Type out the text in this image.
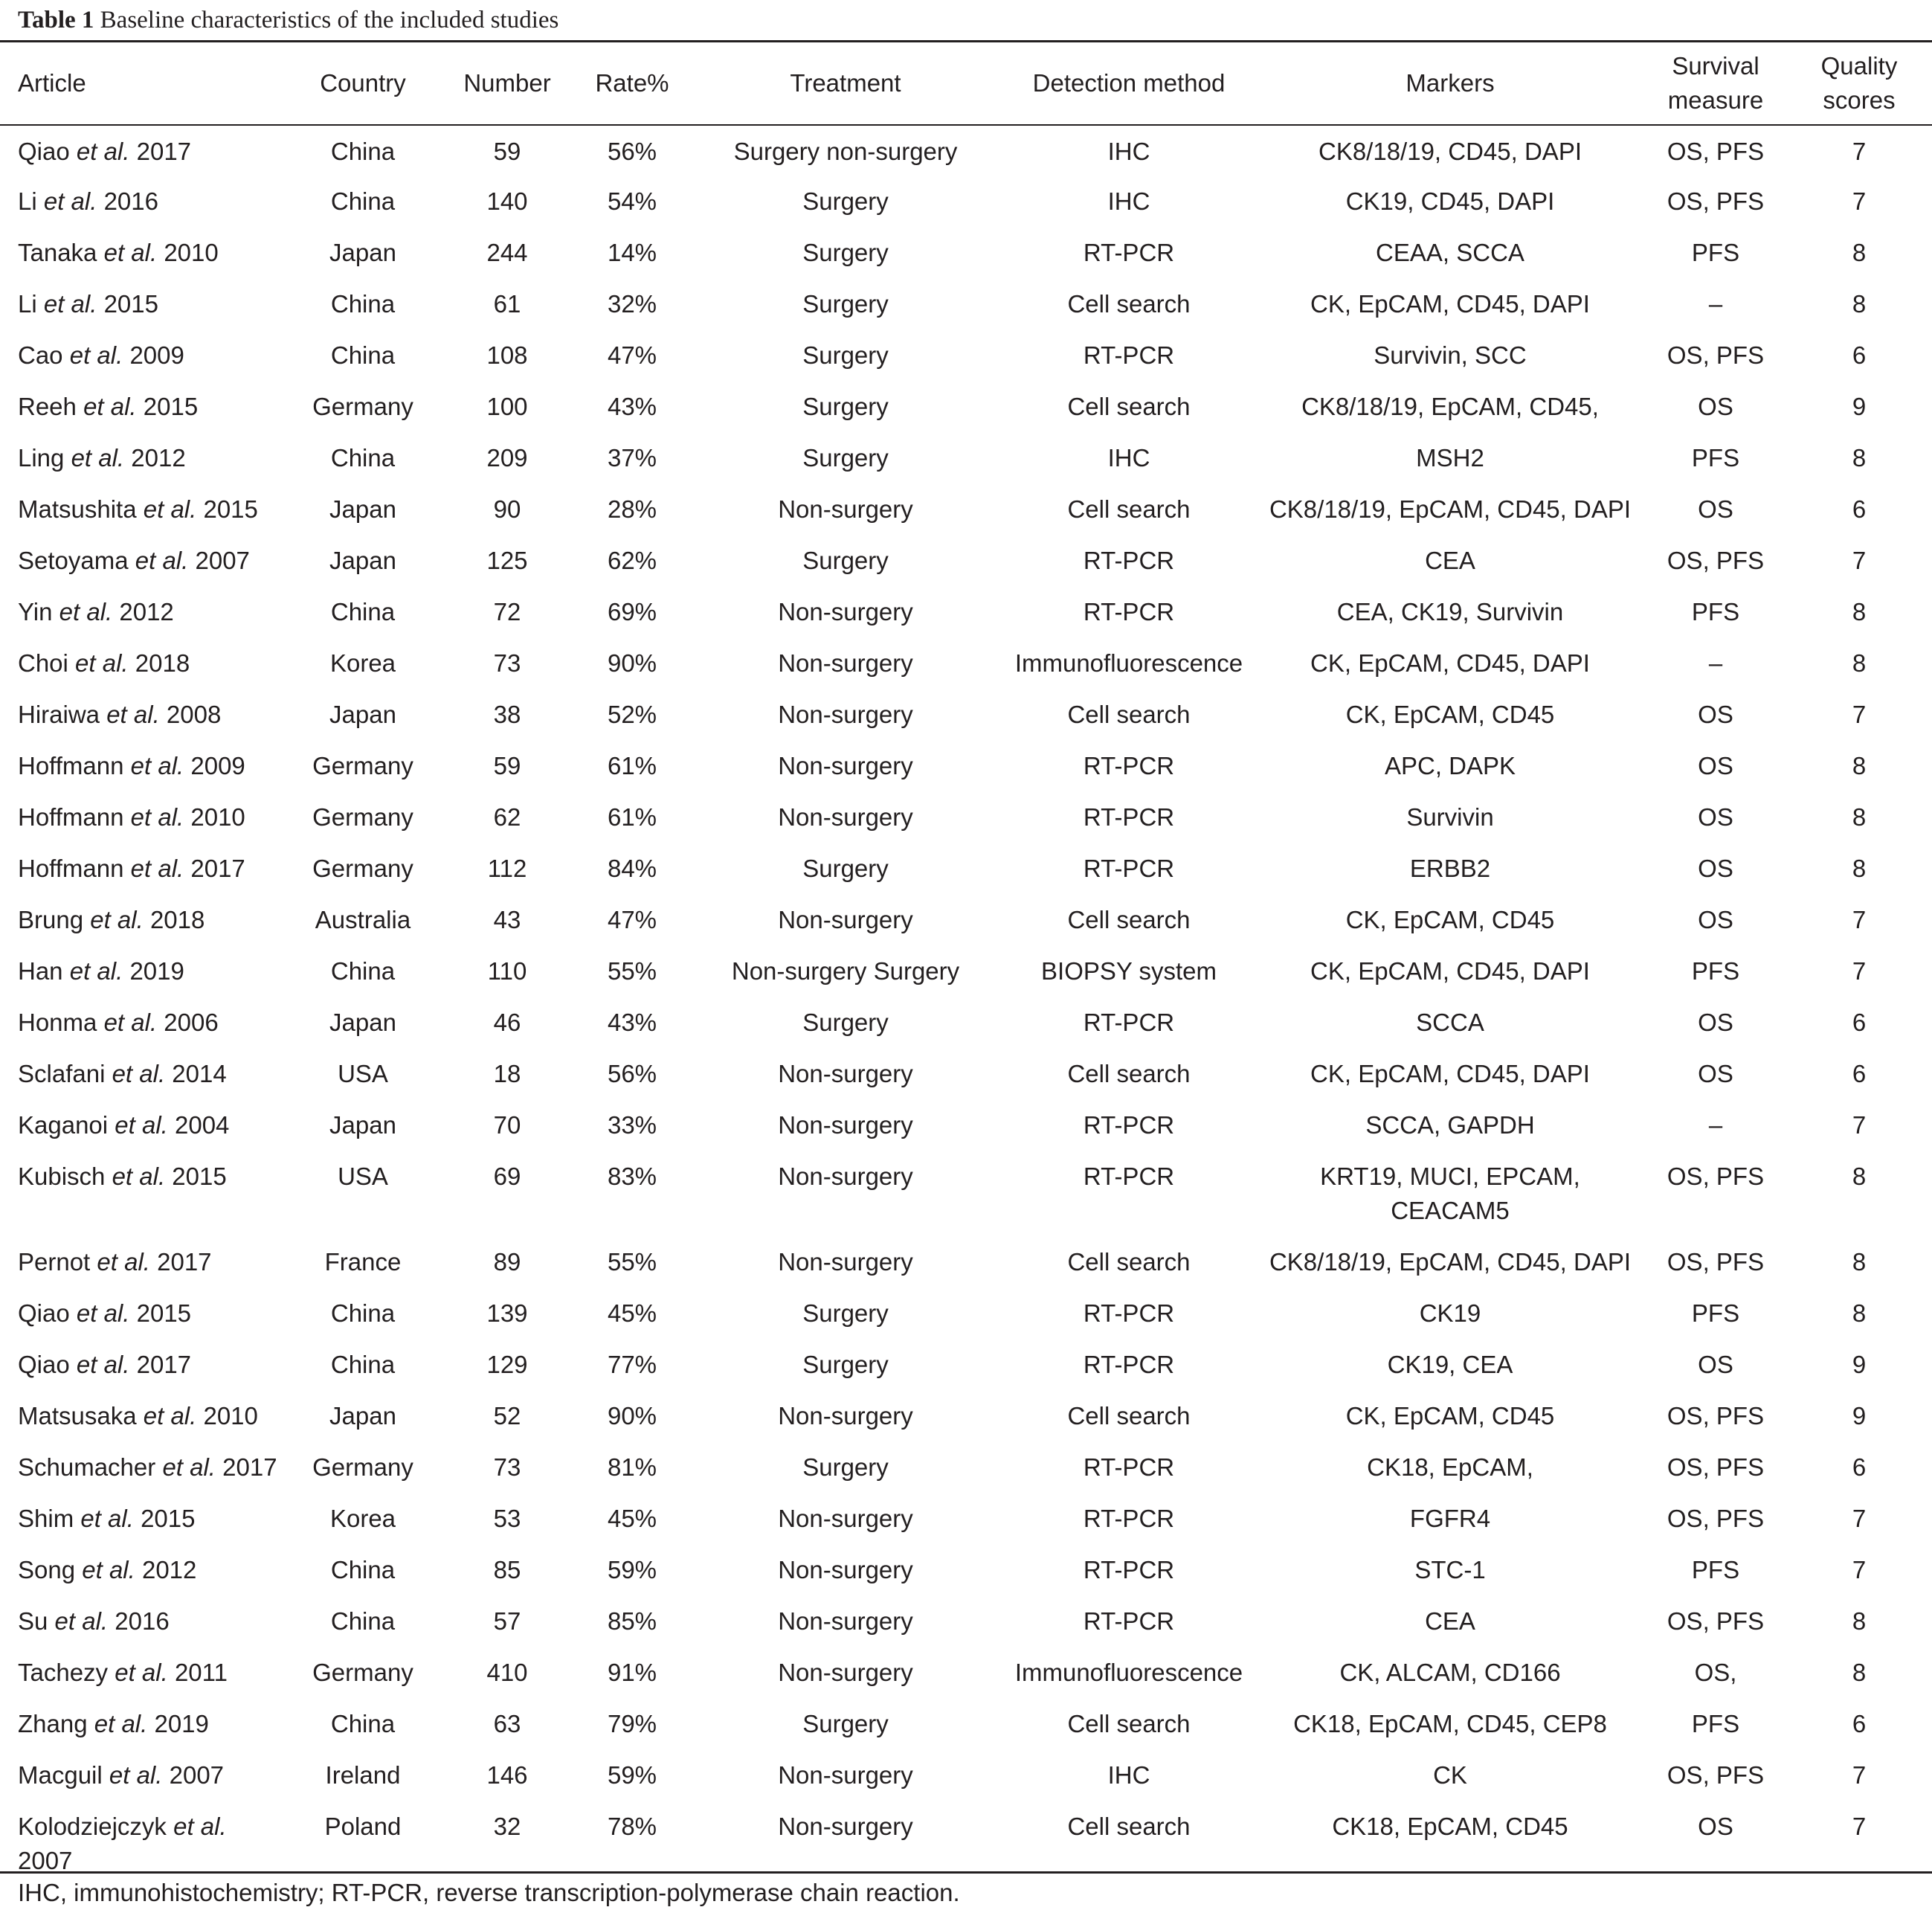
Table 1 Baseline characteristics of the included studies
Article	Country	Number	Rate%	Treatment	Detection method	Markers	Survival measure	Quality scores
Qiao et al. 2017	China	59	56%	Surgery non-surgery	IHC	CK8/18/19, CD45, DAPI	OS, PFS	7
Li et al. 2016	China	140	54%	Surgery	IHC	CK19, CD45, DAPI	OS, PFS	7
Tanaka et al. 2010	Japan	244	14%	Surgery	RT-PCR	CEAA, SCCA	PFS	8
Li et al. 2015	China	61	32%	Surgery	Cell search	CK, EpCAM, CD45, DAPI	–	8
Cao et al. 2009	China	108	47%	Surgery	RT-PCR	Survivin, SCC	OS, PFS	6
Reeh et al. 2015	Germany	100	43%	Surgery	Cell search	CK8/18/19, EpCAM, CD45,	OS	9
Ling et al. 2012	China	209	37%	Surgery	IHC	MSH2	PFS	8
Matsushita et al. 2015	Japan	90	28%	Non-surgery	Cell search	CK8/18/19, EpCAM, CD45, DAPI	OS	6
Setoyama et al. 2007	Japan	125	62%	Surgery	RT-PCR	CEA	OS, PFS	7
Yin et al. 2012	China	72	69%	Non-surgery	RT-PCR	CEA, CK19, Survivin	PFS	8
Choi et al. 2018	Korea	73	90%	Non-surgery	Immunofluorescence	CK, EpCAM, CD45, DAPI	–	8
Hiraiwa et al. 2008	Japan	38	52%	Non-surgery	Cell search	CK, EpCAM, CD45	OS	7
Hoffmann et al. 2009	Germany	59	61%	Non-surgery	RT-PCR	APC, DAPK	OS	8
Hoffmann et al. 2010	Germany	62	61%	Non-surgery	RT-PCR	Survivin	OS	8
Hoffmann et al. 2017	Germany	112	84%	Surgery	RT-PCR	ERBB2	OS	8
Brung et al. 2018	Australia	43	47%	Non-surgery	Cell search	CK, EpCAM, CD45	OS	7
Han et al. 2019	China	110	55%	Non-surgery Surgery	BIOPSY system	CK, EpCAM, CD45, DAPI	PFS	7
Honma et al. 2006	Japan	46	43%	Surgery	RT-PCR	SCCA	OS	6
Sclafani et al. 2014	USA	18	56%	Non-surgery	Cell search	CK, EpCAM, CD45, DAPI	OS	6
Kaganoi et al. 2004	Japan	70	33%	Non-surgery	RT-PCR	SCCA, GAPDH	–	7
Kubisch et al. 2015	USA	69	83%	Non-surgery	RT-PCR	KRT19, MUCI, EPCAM, CEACAM5	OS, PFS	8
Pernot et al. 2017	France	89	55%	Non-surgery	Cell search	CK8/18/19, EpCAM, CD45, DAPI	OS, PFS	8
Qiao et al. 2015	China	139	45%	Surgery	RT-PCR	CK19	PFS	8
Qiao et al. 2017	China	129	77%	Surgery	RT-PCR	CK19, CEA	OS	9
Matsusaka et al. 2010	Japan	52	90%	Non-surgery	Cell search	CK, EpCAM, CD45	OS, PFS	9
Schumacher et al. 2017	Germany	73	81%	Surgery	RT-PCR	CK18, EpCAM,	OS, PFS	6
Shim et al. 2015	Korea	53	45%	Non-surgery	RT-PCR	FGFR4	OS, PFS	7
Song et al. 2012	China	85	59%	Non-surgery	RT-PCR	STC-1	PFS	7
Su et al. 2016	China	57	85%	Non-surgery	RT-PCR	CEA	OS, PFS	8
Tachezy et al. 2011	Germany	410	91%	Non-surgery	Immunofluorescence	CK, ALCAM, CD166	OS,	8
Zhang et al. 2019	China	63	79%	Surgery	Cell search	CK18, EpCAM, CD45, CEP8	PFS	6
Macguil et al. 2007	Ireland	146	59%	Non-surgery	IHC	CK	OS, PFS	7
Kolodziejczyk et al. 2007	Poland	32	78%	Non-surgery	Cell search	CK18, EpCAM, CD45	OS	7
IHC, immunohistochemistry; RT-PCR, reverse transcription-polymerase chain reaction.
